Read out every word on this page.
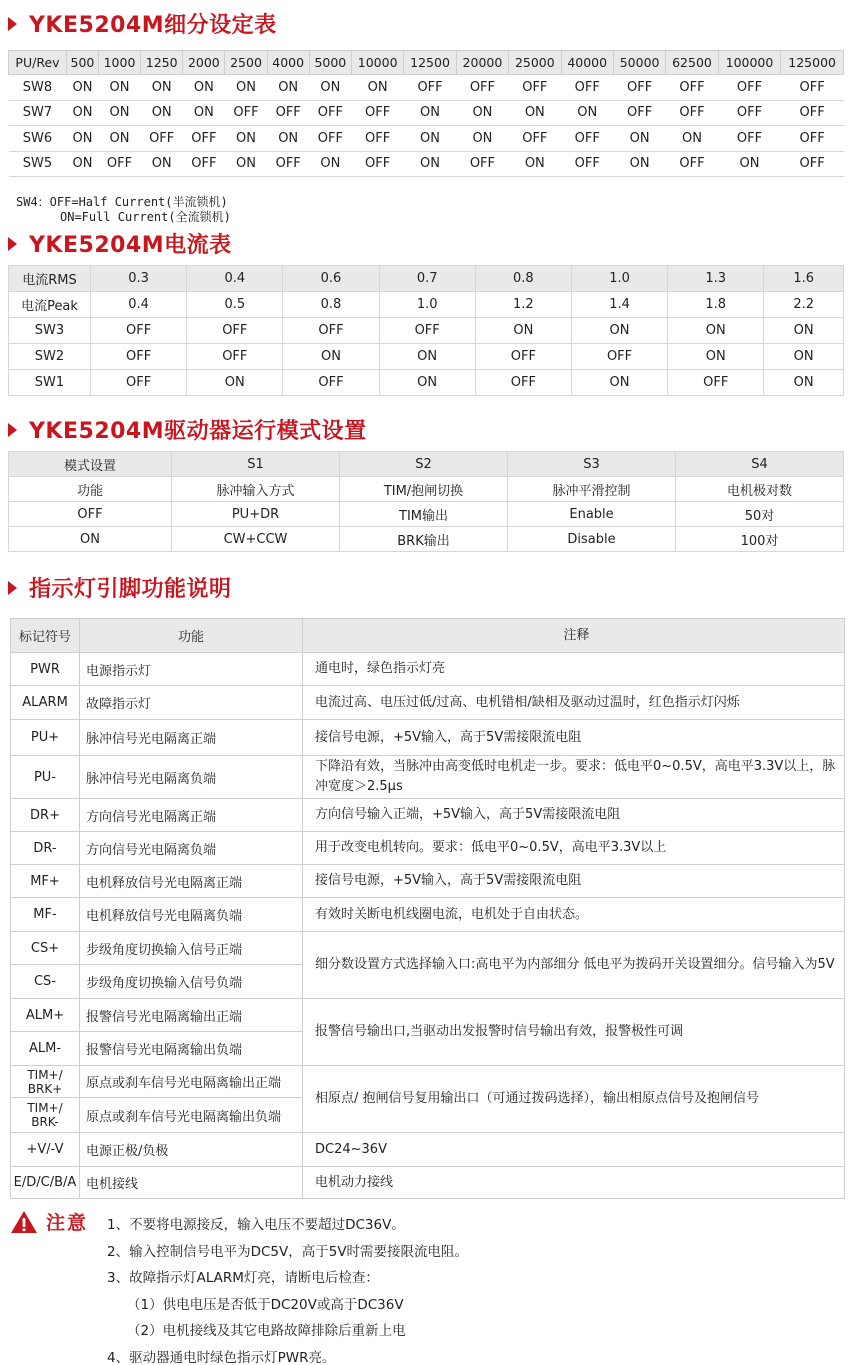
YKE5204M细分设定表
PU/Rev	500	1000	1250	2000	2500	4000	5000	10000	12500	20000	25000	40000	50000	62500	100000	125000
SW8	ON	ON	ON	ON	ON	ON	ON	ON	OFF	OFF	OFF	OFF	OFF	OFF	OFF	OFF
SW7	ON	ON	ON	ON	OFF	OFF	OFF	OFF	ON	ON	ON	ON	OFF	OFF	OFF	OFF
SW6	ON	ON	OFF	OFF	ON	ON	OFF	OFF	ON	ON	OFF	OFF	ON	ON	OFF	OFF
SW5	ON	OFF	ON	OFF	ON	OFF	ON	OFF	ON	OFF	ON	OFF	ON	OFF	ON	OFF
SW4：OFF=Half Current(半流锁机)
ON=Full Current(全流锁机)
YKE5204M电流表
电流RMS	0.3	0.4	0.6	0.7	0.8	1.0	1.3	1.6
电流Peak	0.4	0.5	0.8	1.0	1.2	1.4	1.8	2.2
SW3	OFF	OFF	OFF	OFF	ON	ON	ON	ON
SW2	OFF	OFF	ON	ON	OFF	OFF	ON	ON
SW1	OFF	ON	OFF	ON	OFF	ON	OFF	ON
YKE5204M驱动器运行模式设置
模式设置	S1	S2	S3	S4
功能	脉冲输入方式	TIM/抱闸切换	脉冲平滑控制	电机极对数
OFF	PU+DR	TIM输出	Enable	50对
ON	CW+CCW	BRK输出	Disable	100对
指示灯引脚功能说明
标记符号	功能	注释
PWR	电源指示灯	通电时，绿色指示灯亮
ALARM	故障指示灯	电流过高、电压过低/过高、电机错相/缺相及驱动过温时，红色指示灯闪烁
PU+	脉冲信号光电隔离正端	接信号电源，+5V输入，高于5V需接限流电阻
PU-	脉冲信号光电隔离负端	下降沿有效，当脉冲由高变低时电机走一步。要求：低电平0~0.5V，高电平3.3V以上，脉冲宽度＞2.5μs
DR+	方向信号光电隔离正端	方向信号输入正端，+5V输入，高于5V需接限流电阻
DR-	方向信号光电隔离负端	用于改变电机转向。要求：低电平0~0.5V，高电平3.3V以上
MF+	电机释放信号光电隔离正端	接信号电源，+5V输入，高于5V需接限流电阻
MF-	电机释放信号光电隔离负端	有效时关断电机线圈电流，电机处于自由状态。
CS+	步级角度切换输入信号正端	细分数设置方式选择输入口:高电平为内部细分 低电平为拨码开关设置细分。信号输入为5V
CS-	步级角度切换输入信号负端	
ALM+	报警信号光电隔离输出正端	报警信号输出口,当驱动出发报警时信号输出有效，报警极性可调
ALM-	报警信号光电隔离输出负端	
TIM+/ BRK+	原点或刹车信号光电隔离输出正端	相原点/ 抱闸信号复用输出口（可通过拨码选择），输出相原点信号及抱闸信号
TIM+/ BRK-	原点或刹车信号光电隔离输出负端	
+V/-V	电源正极/负极	DC24~36V
E/D/C/B/A	电机接线	电机动力接线
注意 1、不要将电源接反，输入电压不要超过DC36V。
2、输入控制信号电平为DC5V，高于5V时需要接限流电阻。
3、故障指示灯ALARM灯亮，请断电后检查：
（1）供电电压是否低于DC20V或高于DC36V
（2）电机接线及其它电路故障排除后重新上电
4、驱动器通电时绿色指示灯PWR亮。
